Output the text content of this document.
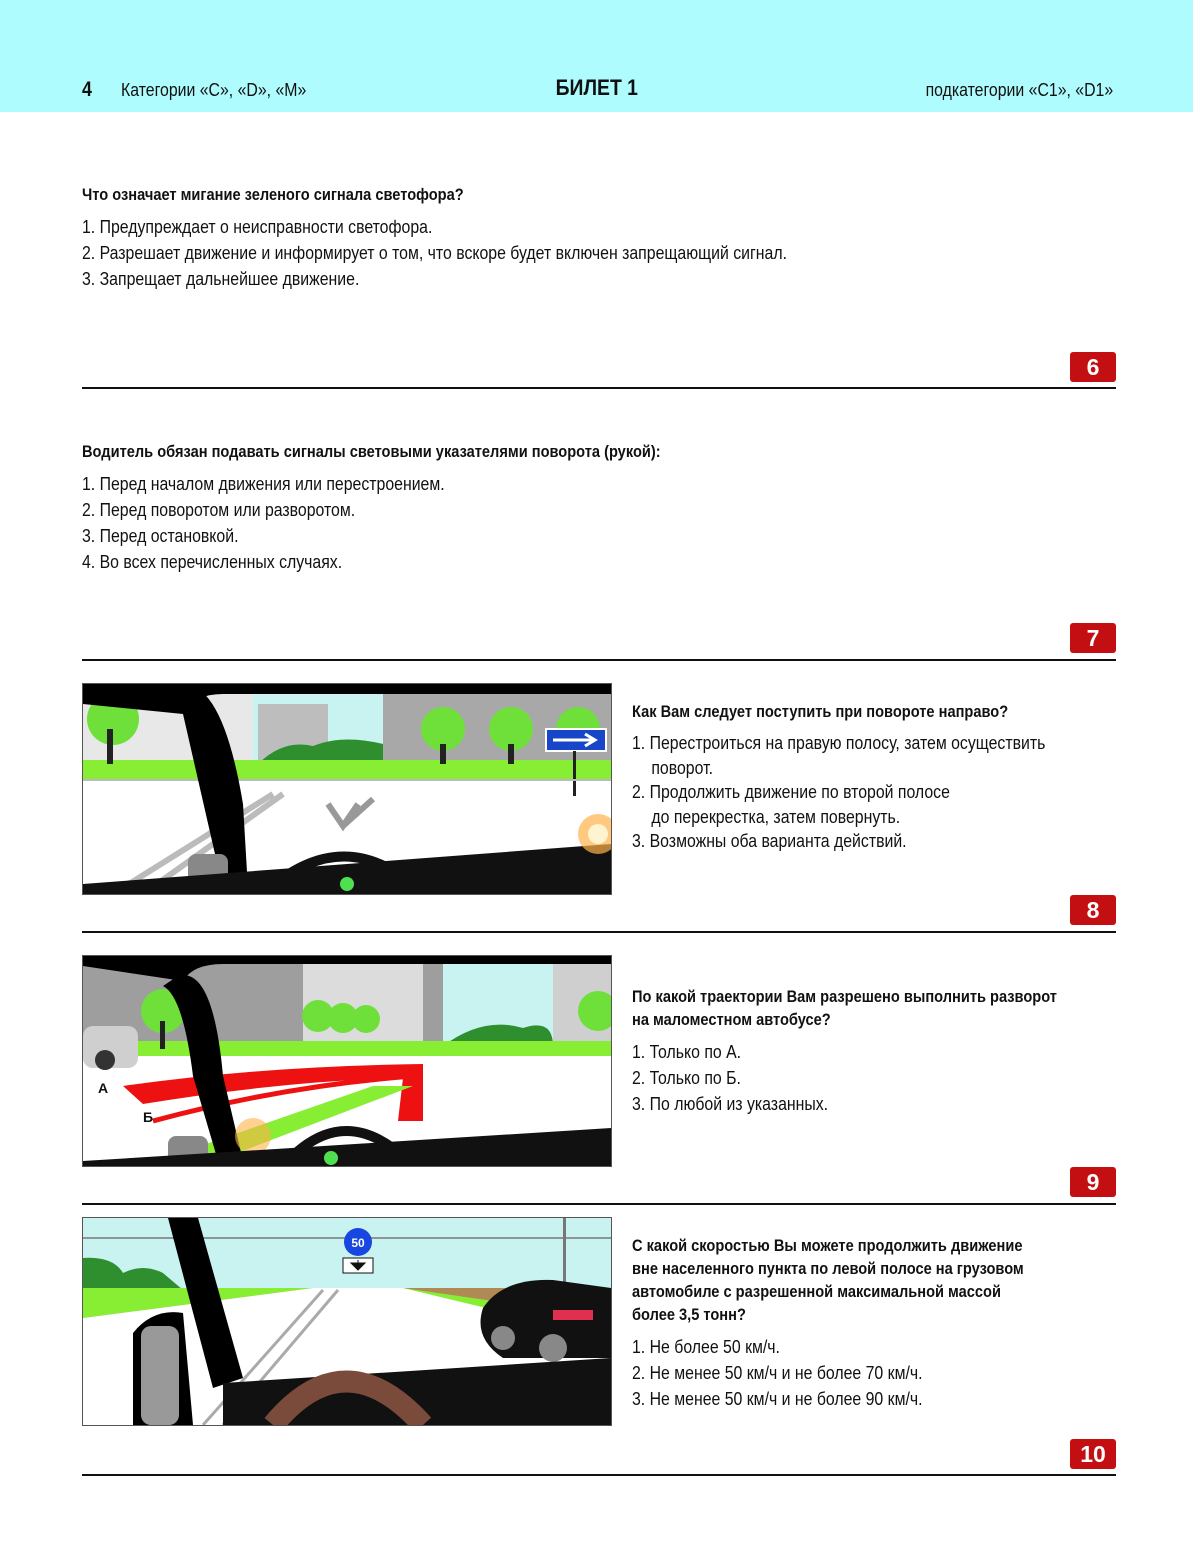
4 Категории «C», «D», «M»	БИЛЕТ 1	подкатегории «C1», «D1»
Что означает мигание зеленого сигнала светофора?
1. Предупреждает о неисправности светофора.
2. Разрешает движение и информирует о том, что вскоре будет включен запрещающий сигнал.
3. Запрещает дальнейшее движение.
6
Водитель обязан подавать сигналы световыми указателями поворота (рукой):
1. Перед началом движения или перестроением.
2. Перед поворотом или разворотом.
3. Перед остановкой.
4. Во всех перечисленных случаях.
7
Как Вам следует поступить при повороте направо?
1. Перестроиться на правую полосу, затем осуществить
поворот.
2. Продолжить движение по второй полосе
до перекрестка, затем повернуть.
3. Возможны оба варианта действий.
8
А
Б
По какой траектории Вам разрешено выполнить разворот
на маломестном автобусе?
1. Только по А.
2. Только по Б.
3. По любой из указанных.
9
50	С какой скоростью Вы можете продолжить движение
вне населенного пункта по левой полосе на грузовом
автомобиле с разрешенной максимальной массой
более 3,5 тонн?
1. Не более 50 км/ч.
2. Не менее 50 км/ч и не более 70 км/ч.
3. Не менее 50 км/ч и не более 90 км/ч.
10
